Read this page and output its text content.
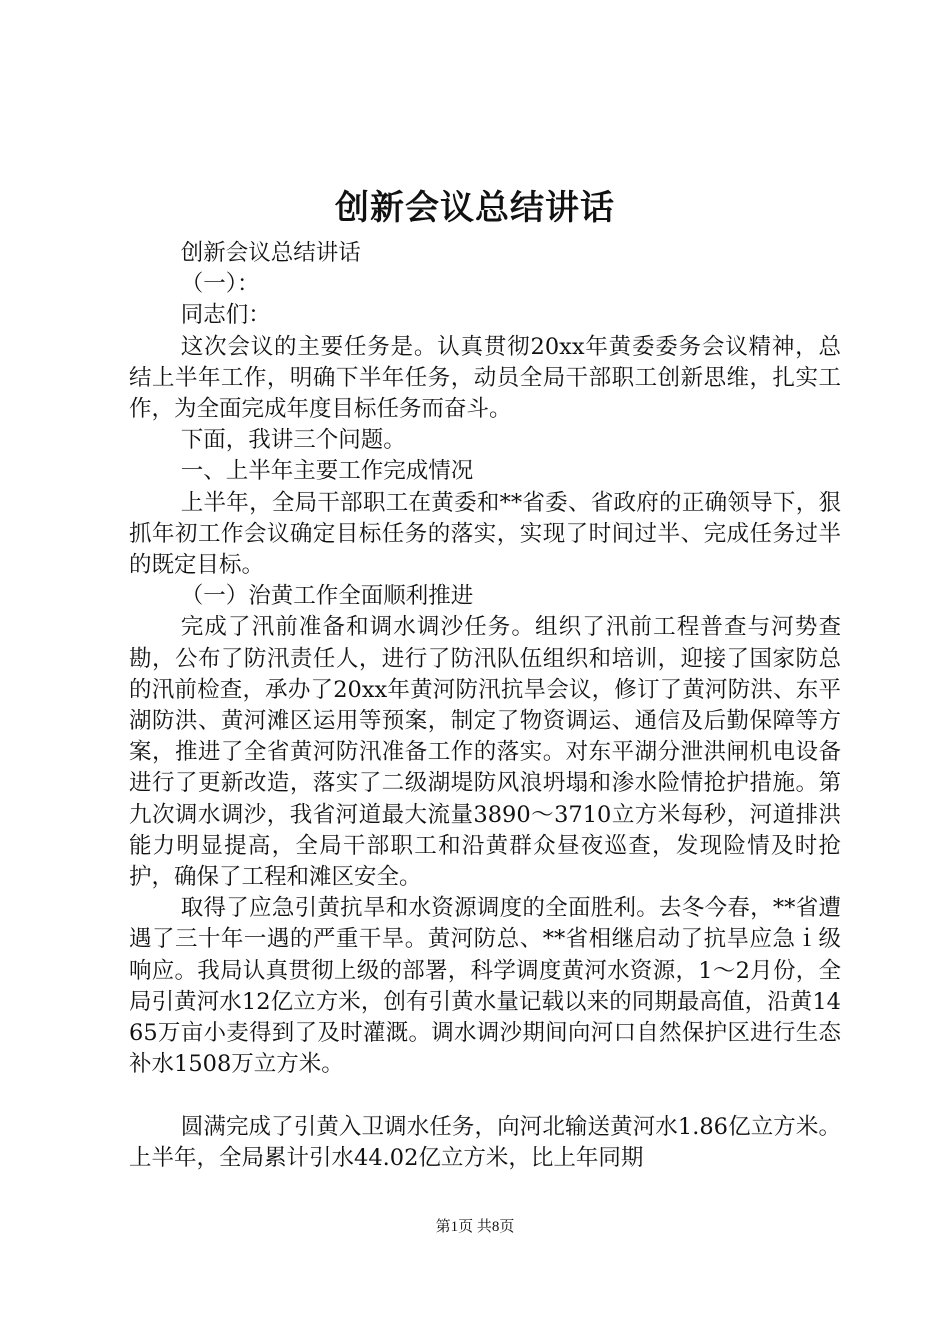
创新会议总结讲话

创新会议总结讲话

（一）：

同志们：

这次会议的主要任务是。认真贯彻20xx年黄委委务会议精神，总结上半年工作，明确下半年任务，动员全局干部职工创新思维，扎实工作，为全面完成年度目标任务而奋斗。

下面，我讲三个问题。

一、上半年主要工作完成情况

上半年，全局干部职工在黄委和**省委、省政府的正确领导下，狠抓年初工作会议确定目标任务的落实，实现了时间过半、完成任务过半的既定目标。

（一）治黄工作全面顺利推进

完成了汛前准备和调水调沙任务。组织了汛前工程普查与河势查勘，公布了防汛责任人，进行了防汛队伍组织和培训，迎接了国家防总的汛前检查，承办了20xx年黄河防汛抗旱会议，修订了黄河防洪、东平湖防洪、黄河滩区运用等预案，制定了物资调运、通信及后勤保障等方案，推进了全省黄河防汛准备工作的落实。对东平湖分泄洪闸机电设备进行了更新改造，落实了二级湖堤防风浪坍塌和渗水险情抢护措施。第九次调水调沙，我省河道最大流量3890～3710立方米每秒，河道排洪能力明显提高，全局干部职工和沿黄群众昼夜巡查，发现险情及时抢护，确保了工程和滩区安全。

取得了应急引黄抗旱和水资源调度的全面胜利。去冬今春，**省遭遇了三十年一遇的严重干旱。黄河防总、**省相继启动了抗旱应急ｉ级响应。我局认真贯彻上级的部署，科学调度黄河水资源，1～2月份，全局引黄河水12亿立方米，创有引黄水量记载以来的同期最高值，沿黄1465万亩小麦得到了及时灌溉。调水调沙期间向河口自然保护区进行生态补水1508万立方米。

圆满完成了引黄入卫调水任务，向河北输送黄河水1.86亿立方米。上半年，全局累计引水44.02亿立方米，比上年同期

第1页 共8页
